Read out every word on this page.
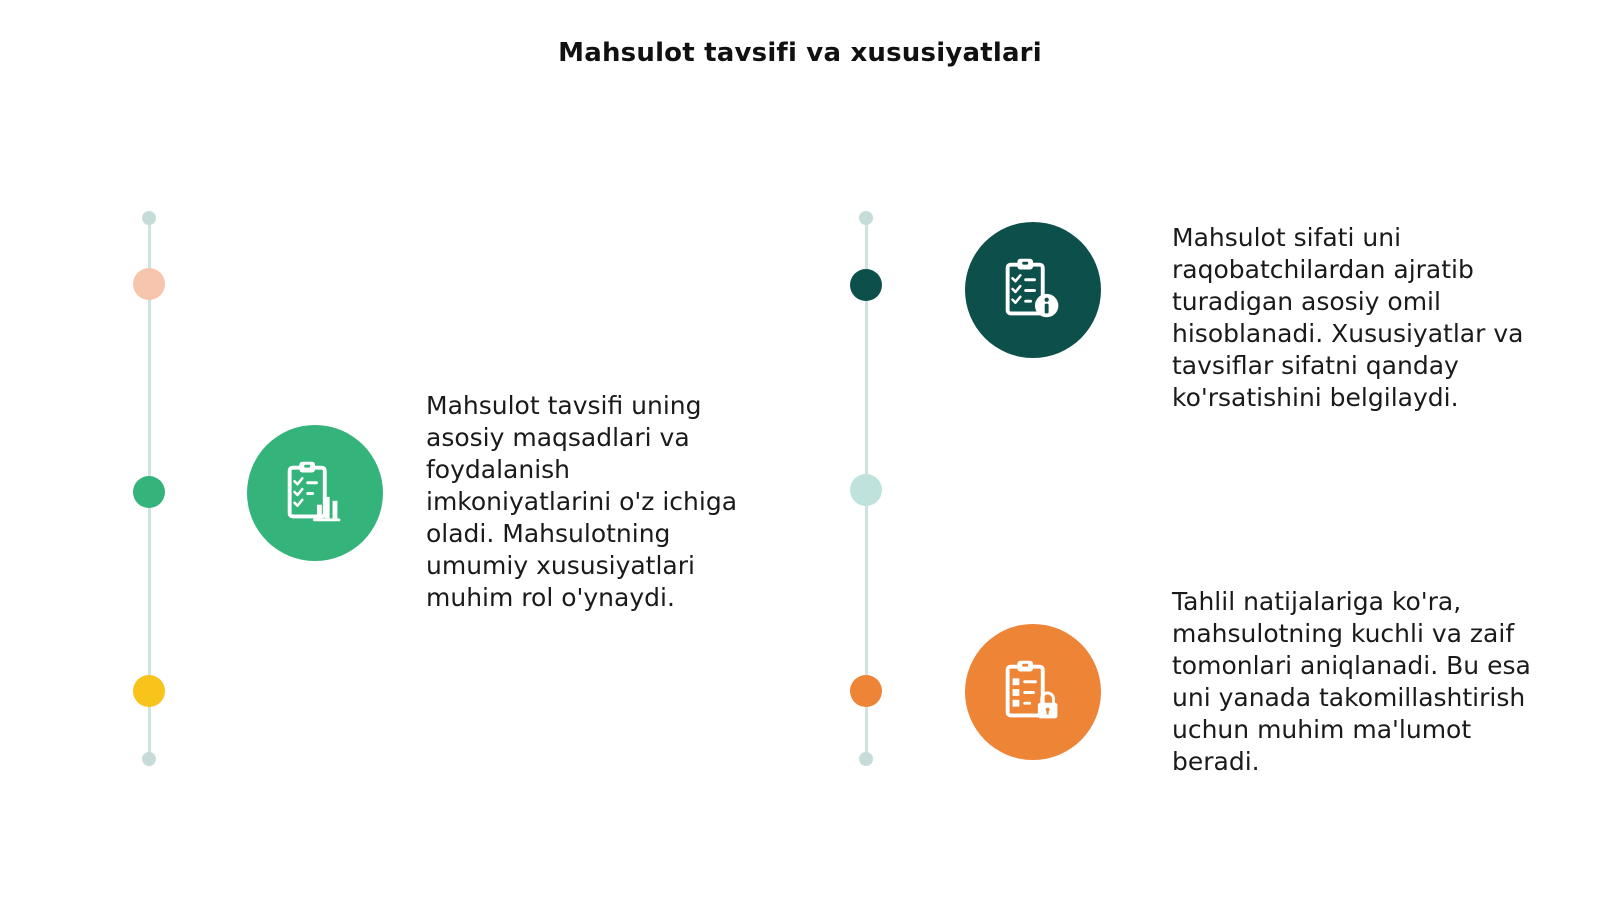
Mahsulot tavsifi va xususiyatlari
Mahsulot tavsifi uning asosiy maqsadlari va foydalanish imkoniyatlarini o'z ichiga oladi. Mahsulotning umumiy xususiyatlari muhim rol o'ynaydi.
Mahsulot sifati uni raqobatchilardan ajratib turadigan asosiy omil hisoblanadi. Xususiyatlar va tavsiflar sifatni qanday ko'rsatishini belgilaydi.
Tahlil natijalariga ko'ra, mahsulotning kuchli va zaif tomonlari aniqlanadi. Bu esa uni yanada takomillashtirish uchun muhim ma'lumot beradi.
